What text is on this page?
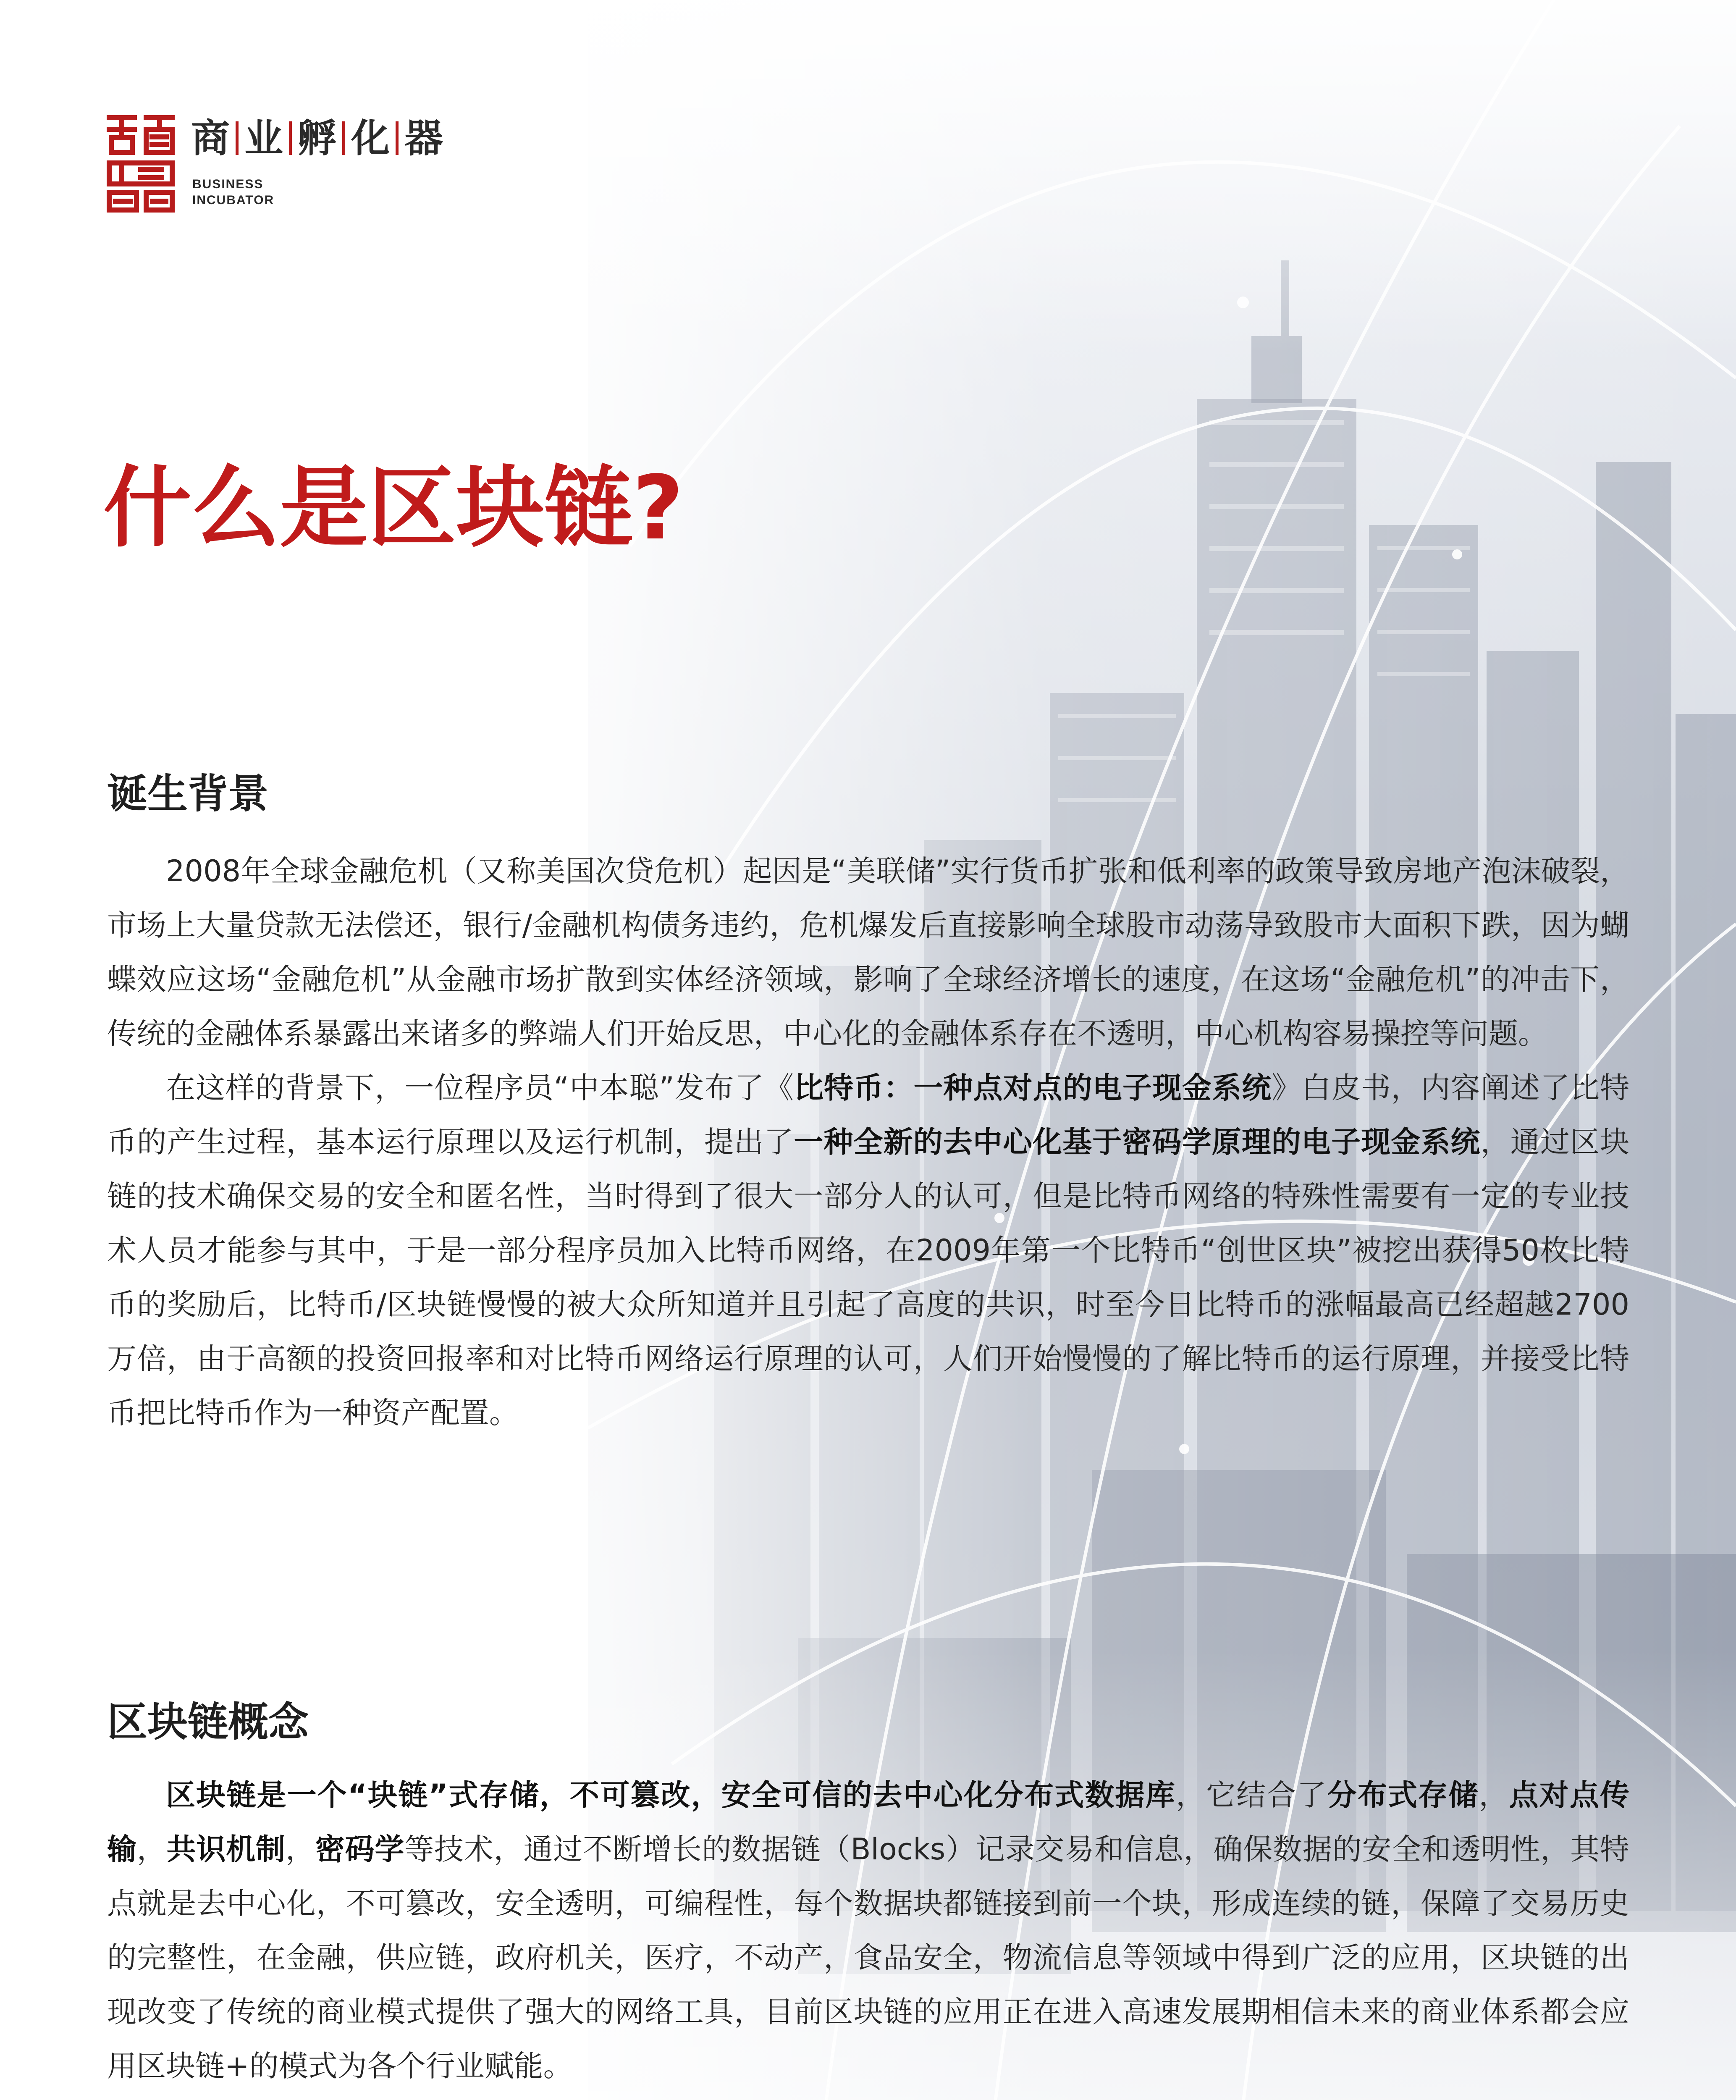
商 业 孵 化 器
BUSINESS
INCUBATOR
什么是区块链?
诞生背景

2008年全球金融危机（又称美国次贷危机）起因是“美联储”实行货币扩张和低利率的政策导致房地产泡沫破裂，市场上大量贷款无法偿还，银行/金融机构债务违约，危机爆发后直接影响全球股市动荡导致股市大面积下跌，因为蝴蝶效应这场“金融危机”从金融市场扩散到实体经济领域，影响了全球经济增长的速度，在这场“金融危机”的冲击下，传统的金融体系暴露出来诸多的弊端人们开始反思，中心化的金融体系存在不透明，中心机构容易操控等问题。

在这样的背景下，一位程序员“中本聪”发布了《比特币：一种点对点的电子现金系统》白皮书，内容阐述了比特币的产生过程，基本运行原理以及运行机制，提出了一种全新的去中心化基于密码学原理的电子现金系统，通过区块链的技术确保交易的安全和匿名性，当时得到了很大一部分人的认可，但是比特币网络的特殊性需要有一定的专业技术人员才能参与其中，于是一部分程序员加入比特币网络，在2009年第一个比特币“创世区块”被挖出获得50枚比特币的奖励后，比特币/区块链慢慢的被大众所知道并且引起了高度的共识，时至今日比特币的涨幅最高已经超越2700万倍，由于高额的投资回报率和对比特币网络运行原理的认可，人们开始慢慢的了解比特币的运行原理，并接受比特币把比特币作为一种资产配置。

区块链概念

区块链是一个“块链”式存储，不可篡改，安全可信的去中心化分布式数据库，它结合了分布式存储，点对点传输，共识机制，密码学等技术，通过不断增长的数据链（Blocks）记录交易和信息，确保数据的安全和透明性，其特点就是去中心化，不可篡改，安全透明，可编程性，每个数据块都链接到前一个块，形成连续的链，保障了交易历史的完整性，在金融，供应链，政府机关，医疗，不动产，食品安全，物流信息等领域中得到广泛的应用，区块链的出现改变了传统的商业模式提供了强大的网络工具，目前区块链的应用正在进入高速发展期相信未来的商业体系都会应用区块链+的模式为各个行业赋能。
